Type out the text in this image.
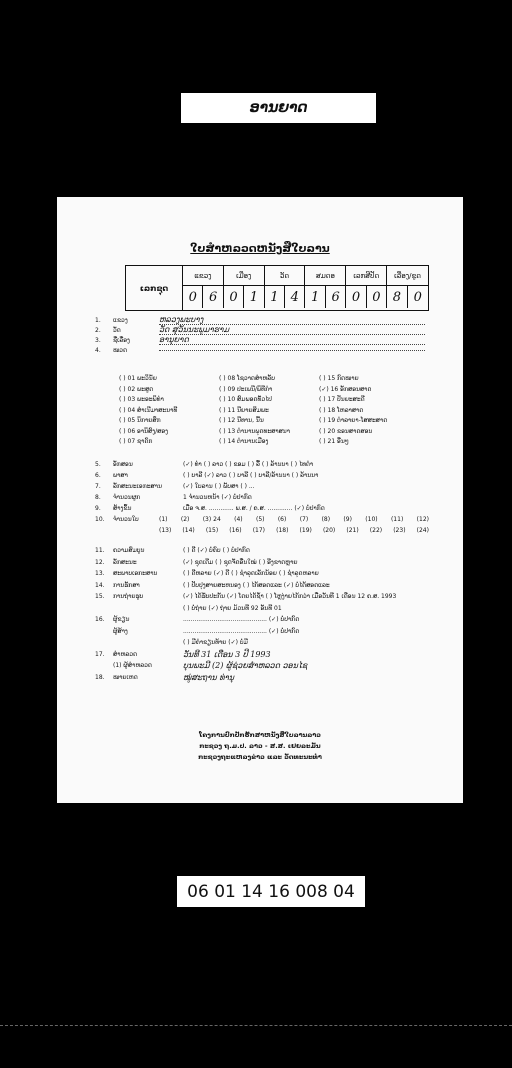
ອານຍາດ
ໃບສຳຫລວດຫນັງສືໃບລານ
ເລກຊຸດ
ແຂວງ	ເມືອງ	ວັດ	ສມດອ	ເລກສີປັດ	ເລື່ອງ/ຂູດ
0 6 0 1 1 4 1 6 0 0 8 0
1.	ແຂວງ	ຫລວງພະບາງ
2.	ວັດ	ວັດ ສຸວັນນະພູມາຮາມ
3.	ຊື່ເລື່ອງ	ອານຸຍາດ
4.	ໝວດ
( ) 01 ພະວິນັຍ	( ) 08 ໂຊວາດສຳຫລັບ	( ) 15 ກົດໝາຍ
( ) 02 ພະສູດ	( ) 09 ປະເພນີ/ພິທີກຳ	(✓) 16 ອັກສອນສາດ
( ) 03 ພະອະພິທຳ	( ) 10 ສົມພອດທັ່ວໄປ	( ) 17 ປັນຍະສະດີ
( ) 04 ສຳເນີມາສະນາທີ	( ) 11 ນີຍາຍສິມພະ	( ) 18 ໂຫລາສາດ
( ) 05 ນິກາຍສຶກ	( ) 12 ນີທານ, ນີ້ນ	( ) 19 ຕຳລາຍາ-ໂສສະສາດ
( ) 06 ອານິສົງ/ສອງ	( ) 13 ຕຳນານພຸດທະສາສນາ	( ) 20 ຂອນສາດສອນ
( ) 07 ຊາດົກ	( ) 14 ຕຳນານເມືອງ	( ) 21 ອື່ນໆ
5.	ອັກສອນ	(✓) ທຳ ( ) ລາວ ( ) ຂອມ ( ) ລື້ ( ) ລ້ານນາ ( ) ໄທດຳ
6.	ພາສາ	( ) ບາລີ (✓) ລາວ ( ) ບາລີ ( ) ບາລີ/ລ້ານນາ ( ) ລ້ານນາ
7.	ລັກສະນະເອກະສານ	(✓) ໃບລານ ( ) ພັບສາ ( ) ...
8.	ຈຳນວນຜູກ	1 ຈຳນວນຫນ້າ (✓) ບໍ່ປາກົດ
9.	ສ້າງຂຶ້ນ	ເມື່ອ ຈ.ສ. ............. ພ.ສ. / ຄ.ສ. ............. (✓) ບໍ່ປາກົດ
10.	ຈຳນວນໃບ	(1) (2) (3) 24 (4) (5) (6) (7) (8) (9) (10) (11) (12)
(13) (14) (15) (16) (17) (18) (19) (20) (21) (22) (23) (24)
11.	ຄວາມສົມບູນ	( ) ດີ (✓) ບໍ່ຄົບ ( ) ບໍ່ປາກົດ
12.	ລັກສະນະ	(✓) ຊຸດເດີມ ( ) ຊຸດຈັດອື່ນໃໝ່ ( ) ອີງຂາດຫຼາຍ
13.	ສະພາບເອກະສານ	( ) ດີຫລາຍ (✓) ດີ ( ) ຊຳລຸດເລັກນ້ອຍ ( ) ຊຳລຸດຫລາຍ
14.	ການຮັກສາ	( ) ປັບປຸງສາຍສະຫນອງ ( ) ໄກ້ສອດແລະ (✓) ບໍ່ໄດ້ສອດແລະ
15.	ການຖ່າຍຮູບ	(✓) ໄດ້ຮັບປະກັນ (✓) ໂດຍໄດ້ຊ້ຳ ( ) ໂຫຼງ່າຍໄກ້ກວ່າ ເມື່ອວັນທີ 1 ເດືອນ 12 ຄ.ສ. 1993
( ) ບໍ່ຖ່າຍ (✓) ຖ່າຍ ມ້ວນທີ 92 ອັນທີ 01
16.	ຜູ້ຂຽນ	............................................ (✓) ບໍ່ປາກົດ
ຜູ້ສ້າງ	............................................ (✓) ບໍ່ປາກົດ
( ) ມີຄຳຂຽນທ້າຍ (✓) ບໍ່ມີ
17.	ສຳຫລວດ	ວັນທີ 31 ເດືອນ 3 ປີ 1993
(1) ຜູ້ສຳຫລວດ	ບຸນພະມີ (2) ຜູ້ຊ່ວຍສຳຫລວດ ວອນໄຊ
18.	ໝາຍເຫດ	ໝູ່ສະຖານ ທ່ານຸ
ໂຄງການປົກປັກຮັກສາຫນັງສືໃບລານລາວ
ກະຊວງ ຖ.ມ.ປ. ລາວ - ສ.ສ. ເຢຍລະມັນ
ກະຊວງຖະແຫລງຂ່າວ ແລະ ວັດທະນະທຳ
06 01 14 16 008 04
